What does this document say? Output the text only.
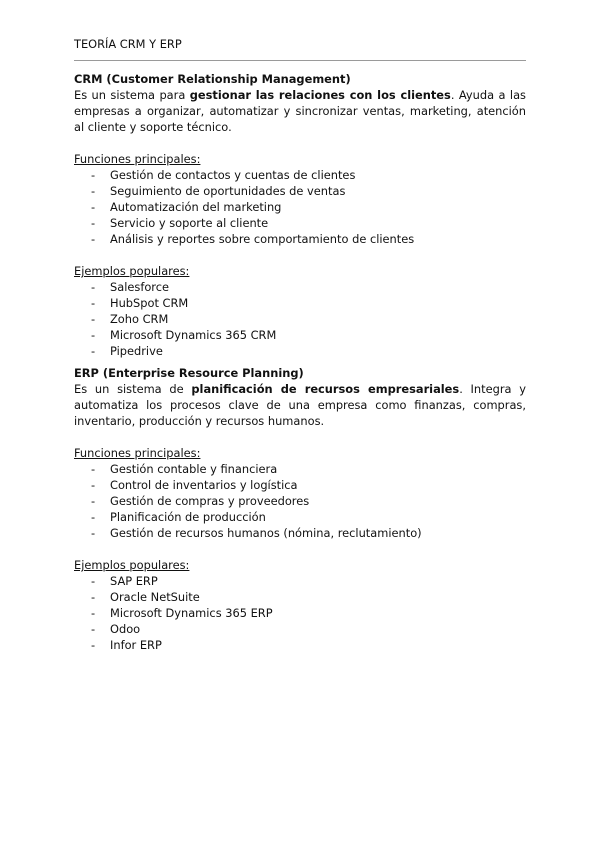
TEORÍA CRM Y ERP
CRM (Customer Relationship Management)
Es un sistema para gestionar las relaciones con los clientes. Ayuda a las empresas a organizar, automatizar y sincronizar ventas, marketing, atención al cliente y soporte técnico.
Funciones principales:
- Gestión de contactos y cuentas de clientes
- Seguimiento de oportunidades de ventas
- Automatización del marketing
- Servicio y soporte al cliente
- Análisis y reportes sobre comportamiento de clientes
Ejemplos populares:
- Salesforce
- HubSpot CRM
- Zoho CRM
- Microsoft Dynamics 365 CRM
- Pipedrive
ERP (Enterprise Resource Planning)
Es un sistema de planificación de recursos empresariales. Integra y automatiza los procesos clave de una empresa como finanzas, compras, inventario, producción y recursos humanos.
Funciones principales:
- Gestión contable y financiera
- Control de inventarios y logística
- Gestión de compras y proveedores
- Planificación de producción
- Gestión de recursos humanos (nómina, reclutamiento)
Ejemplos populares:
- SAP ERP
- Oracle NetSuite
- Microsoft Dynamics 365 ERP
- Odoo
- Infor ERP
